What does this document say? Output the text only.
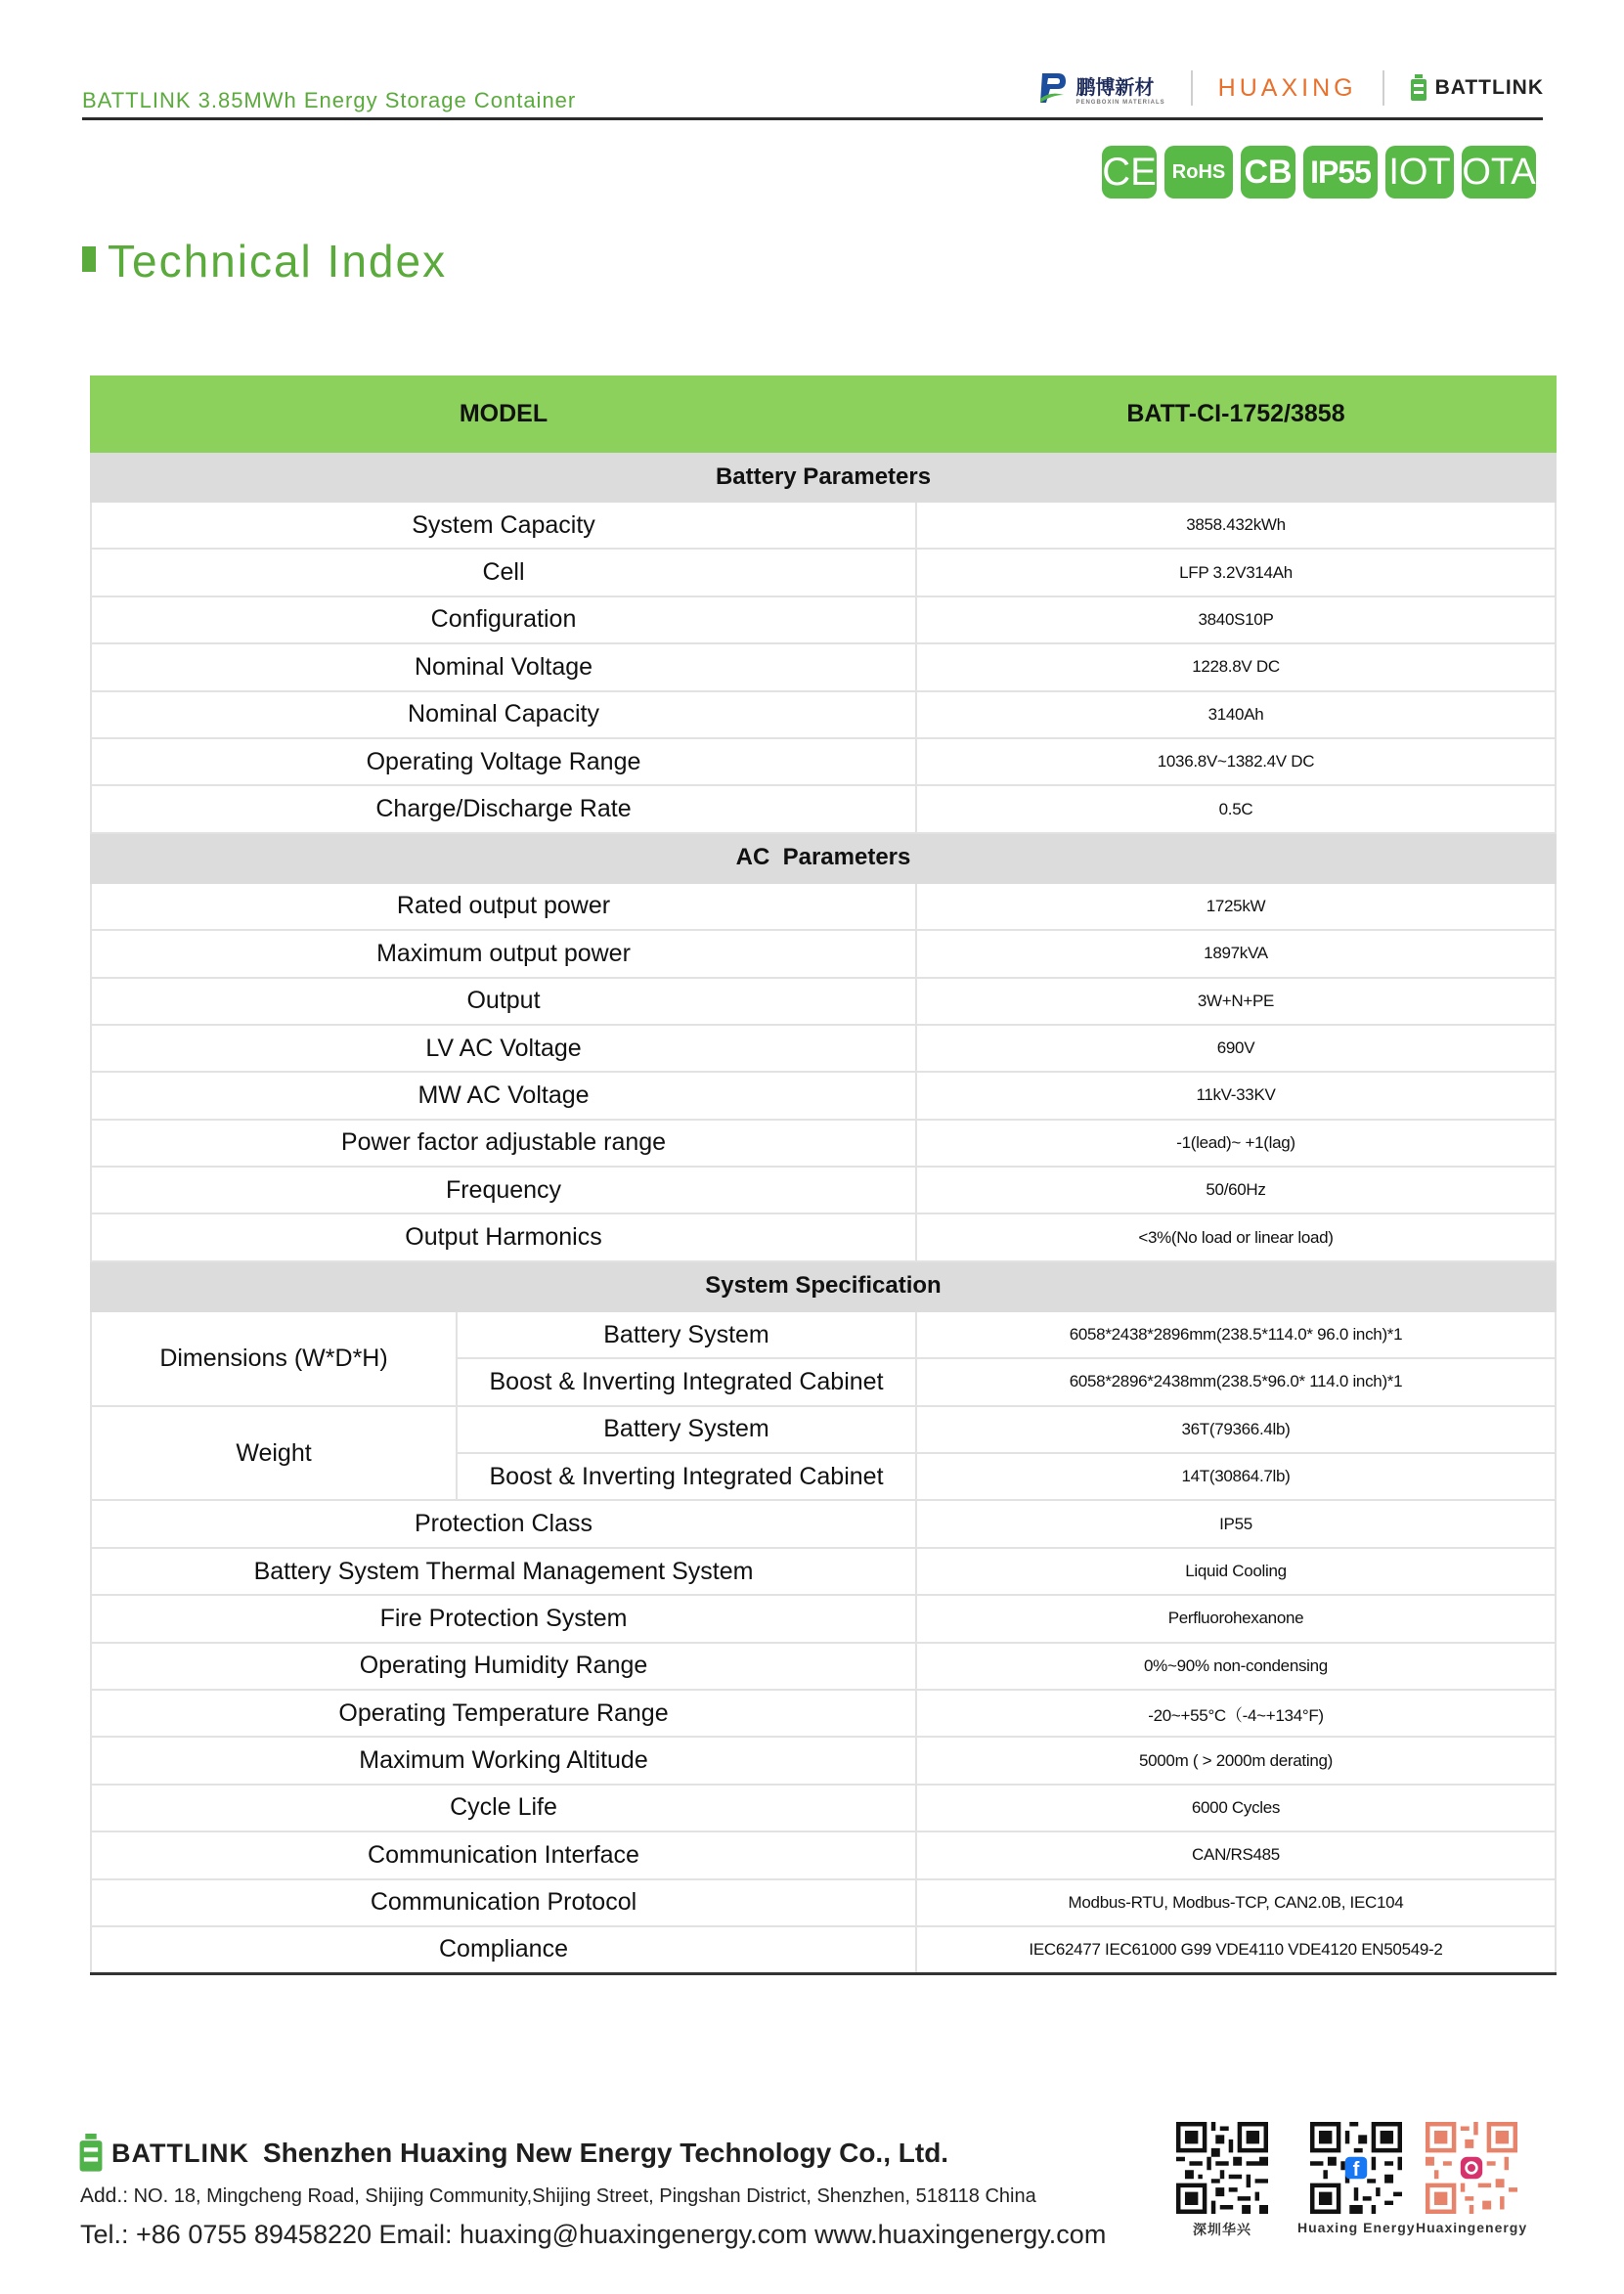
BATTLINK 3.85MWh Energy Storage Container
鹏博新材
PENGBOXIN MATERIALS
HUAXING	BATTLINK
CE RoHS CB IP55 IOT OTA
Technical Index
MODEL		BATT-CI-1752/3858
Battery Parameters		
System Capacity		3858.432kWh
Cell		LFP 3.2V314Ah
Configuration		3840S10P
Nominal Voltage		1228.8V DC
Nominal Capacity		3140Ah
Operating Voltage Range		1036.8V~1382.4V DC
Charge/Discharge Rate		0.5C
AC  Parameters		
Rated output power		1725kW
Maximum output power		1897kVA
Output		3W+N+PE
LV AC Voltage		690V
MW AC Voltage		11kV-33KV
Power factor adjustable range		-1(lead)~ +1(lag)
Frequency		50/60Hz
Output Harmonics		<3%(No load or linear load)
System Specification		
Dimensions (W*D*H)	Battery System	6058*2438*2896mm(238.5*114.0* 96.0 inch)*1
	Boost & Inverting Integrated Cabinet	6058*2896*2438mm(238.5*96.0* 114.0 inch)*1
Weight	Battery System	36T(79366.4lb)
	Boost & Inverting Integrated Cabinet	14T(30864.7lb)
Protection Class		IP55
Battery System Thermal Management System		Liquid Cooling
Fire Protection System		Perfluorohexanone
Operating Humidity Range		0%~90% non-condensing
Operating Temperature Range		-20~+55°C（-4~+134°F)
Maximum Working Altitude		5000m ( > 2000m derating)
Cycle Life		6000 Cycles
Communication Interface		CAN/RS485
Communication Protocol		Modbus-RTU, Modbus-TCP, CAN2.0B, IEC104
Compliance		IEC62477 IEC61000 G99 VDE4110 VDE4120 EN50549-2
BATTLINK Shenzhen Huaxing New Energy Technology Co., Ltd.
Add.: NO. 18, Mingcheng Road, Shijing Community,Shijing Street, Pingshan District, Shenzhen, 518118 China
Tel.: +86 0755 89458220 Email: huaxing@huaxingenergy.com www.huaxingenergy.com	深圳华兴
f
Huaxing Energy Huaxingenergy
